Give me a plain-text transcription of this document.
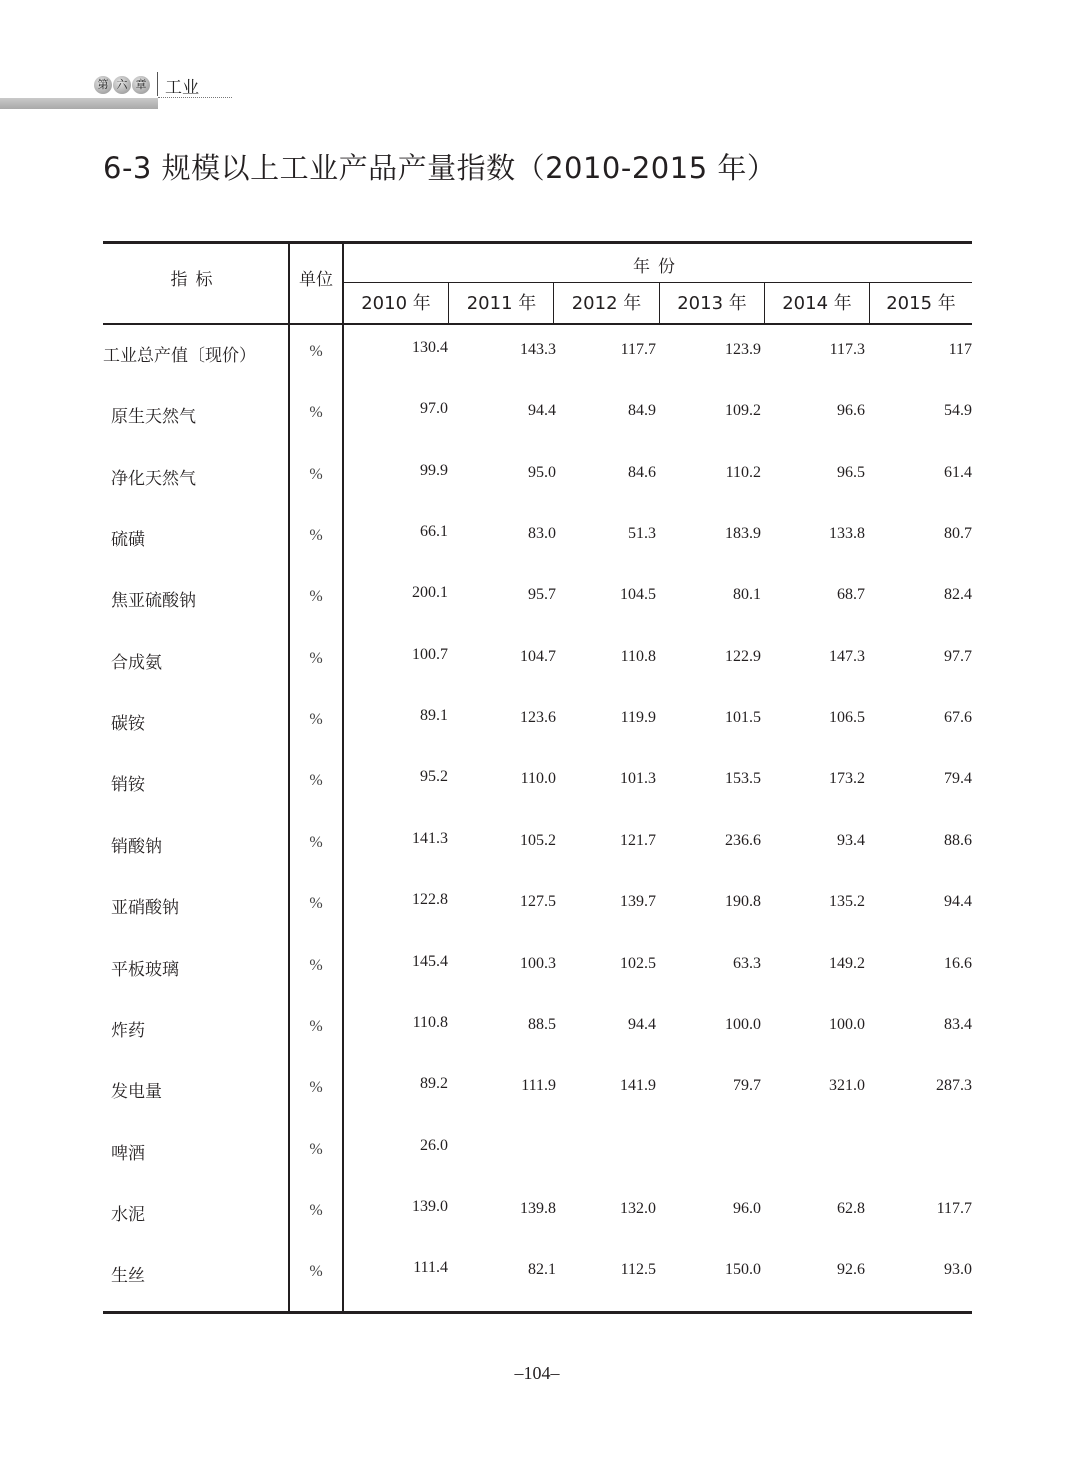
第 六 章 工业
6-3 规模以上工业产品产量指数（2010-2015 年）
指标	单位
年份
2010 年	2011 年	2012 年	2013 年	2014 年	2015 年
工业总产值〔现价）	%	130.4	143.3	117.7	123.9	117.3	117
原生天然气	%	97.0	94.4	84.9	109.2	96.6	54.9
净化天然气	%	99.9	95.0	84.6	110.2	96.5	61.4
硫磺	%	66.1	83.0	51.3	183.9	133.8	80.7
焦亚硫酸钠	%	200.1	95.7	104.5	80.1	68.7	82.4
合成氨	%	100.7	104.7	110.8	122.9	147.3	97.7
碳铵	%	89.1	123.6	119.9	101.5	106.5	67.6
销铵	%	95.2	110.0	101.3	153.5	173.2	79.4
销酸钠	%	141.3	105.2	121.7	236.6	93.4	88.6
亚硝酸钠	%	122.8	127.5	139.7	190.8	135.2	94.4
平板玻璃	%	145.4	100.3	102.5	63.3	149.2	16.6
炸药	%	110.8	88.5	94.4	100.0	100.0	83.4
发电量	%	89.2	111.9	141.9	79.7	321.0	287.3
啤酒	%	26.0
水泥	%	139.0	139.8	132.0	96.0	62.8	117.7
生丝	%	111.4	82.1	112.5	150.0	92.6	93.0
–104–
